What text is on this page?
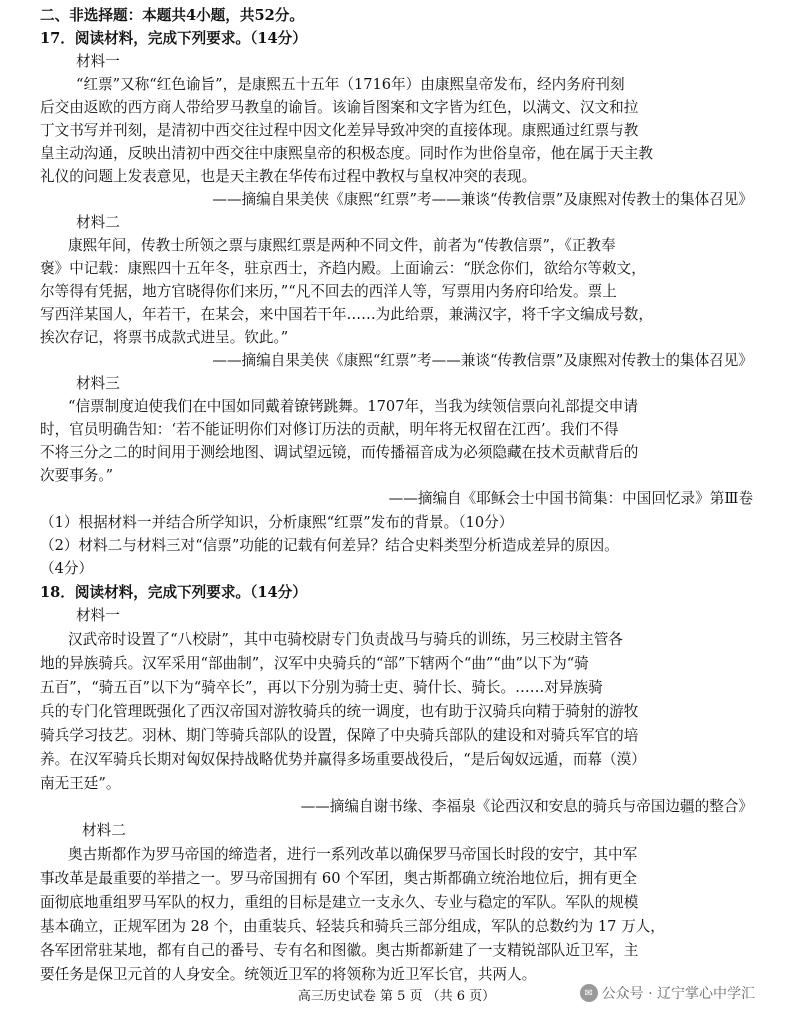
二、非选择题：本题共4小题，共52分。
17．阅读材料，完成下列要求。（14分）
材料一
“红票”又称“红色谕旨”，是康熙五十五年（1716年）由康熙皇帝发布，经内务府刊刻
后交由返欧的西方商人带给罗马教皇的谕旨。该谕旨图案和文字皆为红色，以满文、汉文和拉
丁文书写并刊刻，是清初中西交往过程中因文化差异导致冲突的直接体现。康熙通过红票与教
皇主动沟通，反映出清初中西交往中康熙皇帝的积极态度。同时作为世俗皇帝，他在属于天主教
礼仪的问题上发表意见，也是天主教在华传布过程中教权与皇权冲突的表现。
——摘编自果美侠《康熙“红票”考——兼谈“传教信票”及康熙对传教士的集体召见》
材料二
康熙年间，传教士所领之票与康熙红票是两种不同文件，前者为“传教信票”，《正教奉
褒》中记载：康熙四十五年冬，驻京西士，齐趋内殿。上面谕云：“朕念你们，欲给尔等敕文，
尔等得有凭据，地方官晓得你们来历，”“凡不回去的西洋人等，写票用内务府印给发。票上
写西洋某国人，年若干，在某会，来中国若干年……为此给票，兼满汉字，将千字文编成号数，
挨次存记，将票书成款式进呈。钦此。”
——摘编自果美侠《康熙“红票”考——兼谈“传教信票”及康熙对传教士的集体召见》
材料三
“信票制度迫使我们在中国如同戴着镣铐跳舞。1707年，当我为续领信票向礼部提交申请
时，官员明确告知：‘若不能证明你们对修订历法的贡献，明年将无权留在江西’。我们不得
不将三分之二的时间用于测绘地图、调试望远镜，而传播福音成为必须隐藏在技术贡献背后的
次要事务。”
——摘编自《耶稣会士中国书简集：中国回忆录》第Ⅲ卷
（1）根据材料一并结合所学知识，分析康熙“红票”发布的背景。（10分）
（2）材料二与材料三对“信票”功能的记载有何差异？结合史料类型分析造成差异的原因。
（4分）
18．阅读材料，完成下列要求。（14分）
材料一
汉武帝时设置了“八校尉”，其中屯骑校尉专门负责战马与骑兵的训练，另三校尉主管各
地的异族骑兵。汉军采用“部曲制”，汉军中央骑兵的“部”下辖两个“曲”“曲”以下为“骑
五百”，“骑五百”以下为“骑卒长”，再以下分别为骑士吏、骑什长、骑长。……对异族骑
兵的专门化管理既强化了西汉帝国对游牧骑兵的统一调度，也有助于汉骑兵向精于骑射的游牧
骑兵学习技艺。羽林、期门等骑兵部队的设置，保障了中央骑兵部队的建设和对骑兵军官的培
养。在汉军骑兵长期对匈奴保持战略优势并赢得多场重要战役后，“是后匈奴远遁，而幕（漠）
南无王廷”。
——摘编自谢书缘、李福泉《论西汉和安息的骑兵与帝国边疆的整合》
材料二
奥古斯都作为罗马帝国的缔造者，进行一系列改革以确保罗马帝国长时段的安宁，其中军
事改革是最重要的举措之一。罗马帝国拥有 60 个军团，奥古斯都确立统治地位后，拥有更全
面彻底地重组罗马军队的权力，重组的目标是建立一支永久、专业与稳定的军队。军队的规模
基本确立，正规军团为 28 个，由重装兵、轻装兵和骑兵三部分组成，军队的总数约为 17 万人，
各军团常驻某地，都有自己的番号、专有名和图徽。奥古斯都新建了一支精锐部队近卫军，主
要任务是保卫元首的人身安全。统领近卫军的将领称为近卫军长官，共两人。
高三历史试卷 第 5 页 （共 6 页）	✉ 公众号 · 辽宁掌心中学汇
